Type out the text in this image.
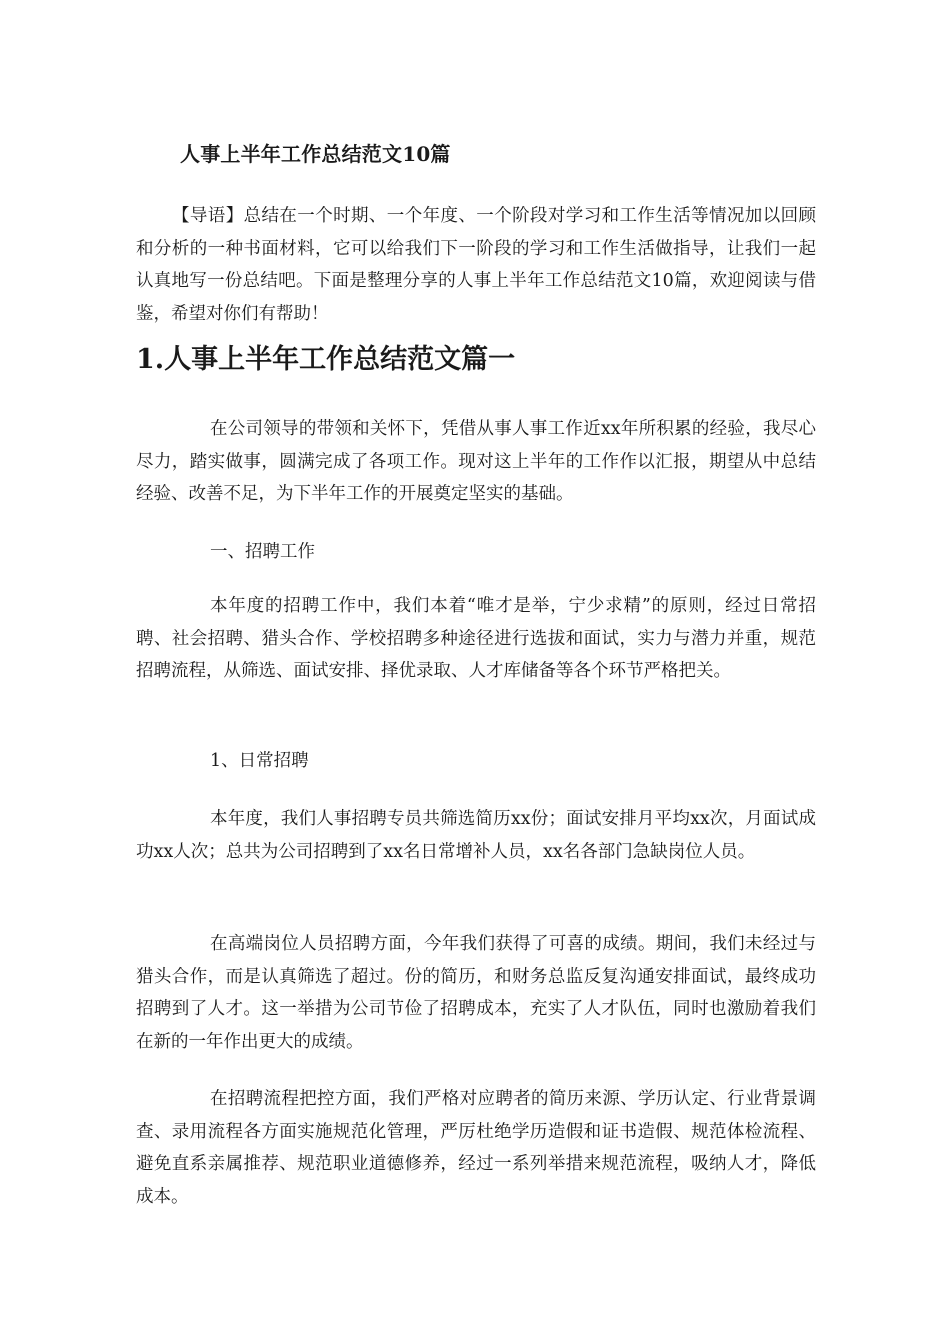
人事上半年工作总结范文10篇

【导语】总结在一个时期、一个年度、一个阶段对学习和工作生活等情况加以回顾和分析的一种书面材料，它可以给我们下一阶段的学习和工作生活做指导，让我们一起认真地写一份总结吧。下面是整理分享的人事上半年工作总结范文10篇，欢迎阅读与借鉴，希望对你们有帮助！

1.人事上半年工作总结范文篇一

在公司领导的带领和关怀下，凭借从事人事工作近xx年所积累的经验，我尽心尽力，踏实做事，圆满完成了各项工作。现对这上半年的工作作以汇报，期望从中总结经验、改善不足，为下半年工作的开展奠定坚实的基础。

一、招聘工作

本年度的招聘工作中，我们本着“唯才是举，宁少求精”的原则，经过日常招聘、社会招聘、猎头合作、学校招聘多种途径进行选拔和面试，实力与潜力并重，规范招聘流程，从筛选、面试安排、择优录取、人才库储备等各个环节严格把关。

1、日常招聘

本年度，我们人事招聘专员共筛选简历xx份；面试安排月平均xx次，月面试成功xx人次；总共为公司招聘到了xx名日常增补人员，xx名各部门急缺岗位人员。

在高端岗位人员招聘方面，今年我们获得了可喜的成绩。期间，我们未经过与猎头合作，而是认真筛选了超过。份的简历，和财务总监反复沟通安排面试，最终成功招聘到了人才。这一举措为公司节俭了招聘成本，充实了人才队伍，同时也激励着我们在新的一年作出更大的成绩。

在招聘流程把控方面，我们严格对应聘者的简历来源、学历认定、行业背景调查、录用流程各方面实施规范化管理，严厉杜绝学历造假和证书造假、规范体检流程、避免直系亲属推荐、规范职业道德修养，经过一系列举措来规范流程，吸纳人才，降低成本。
